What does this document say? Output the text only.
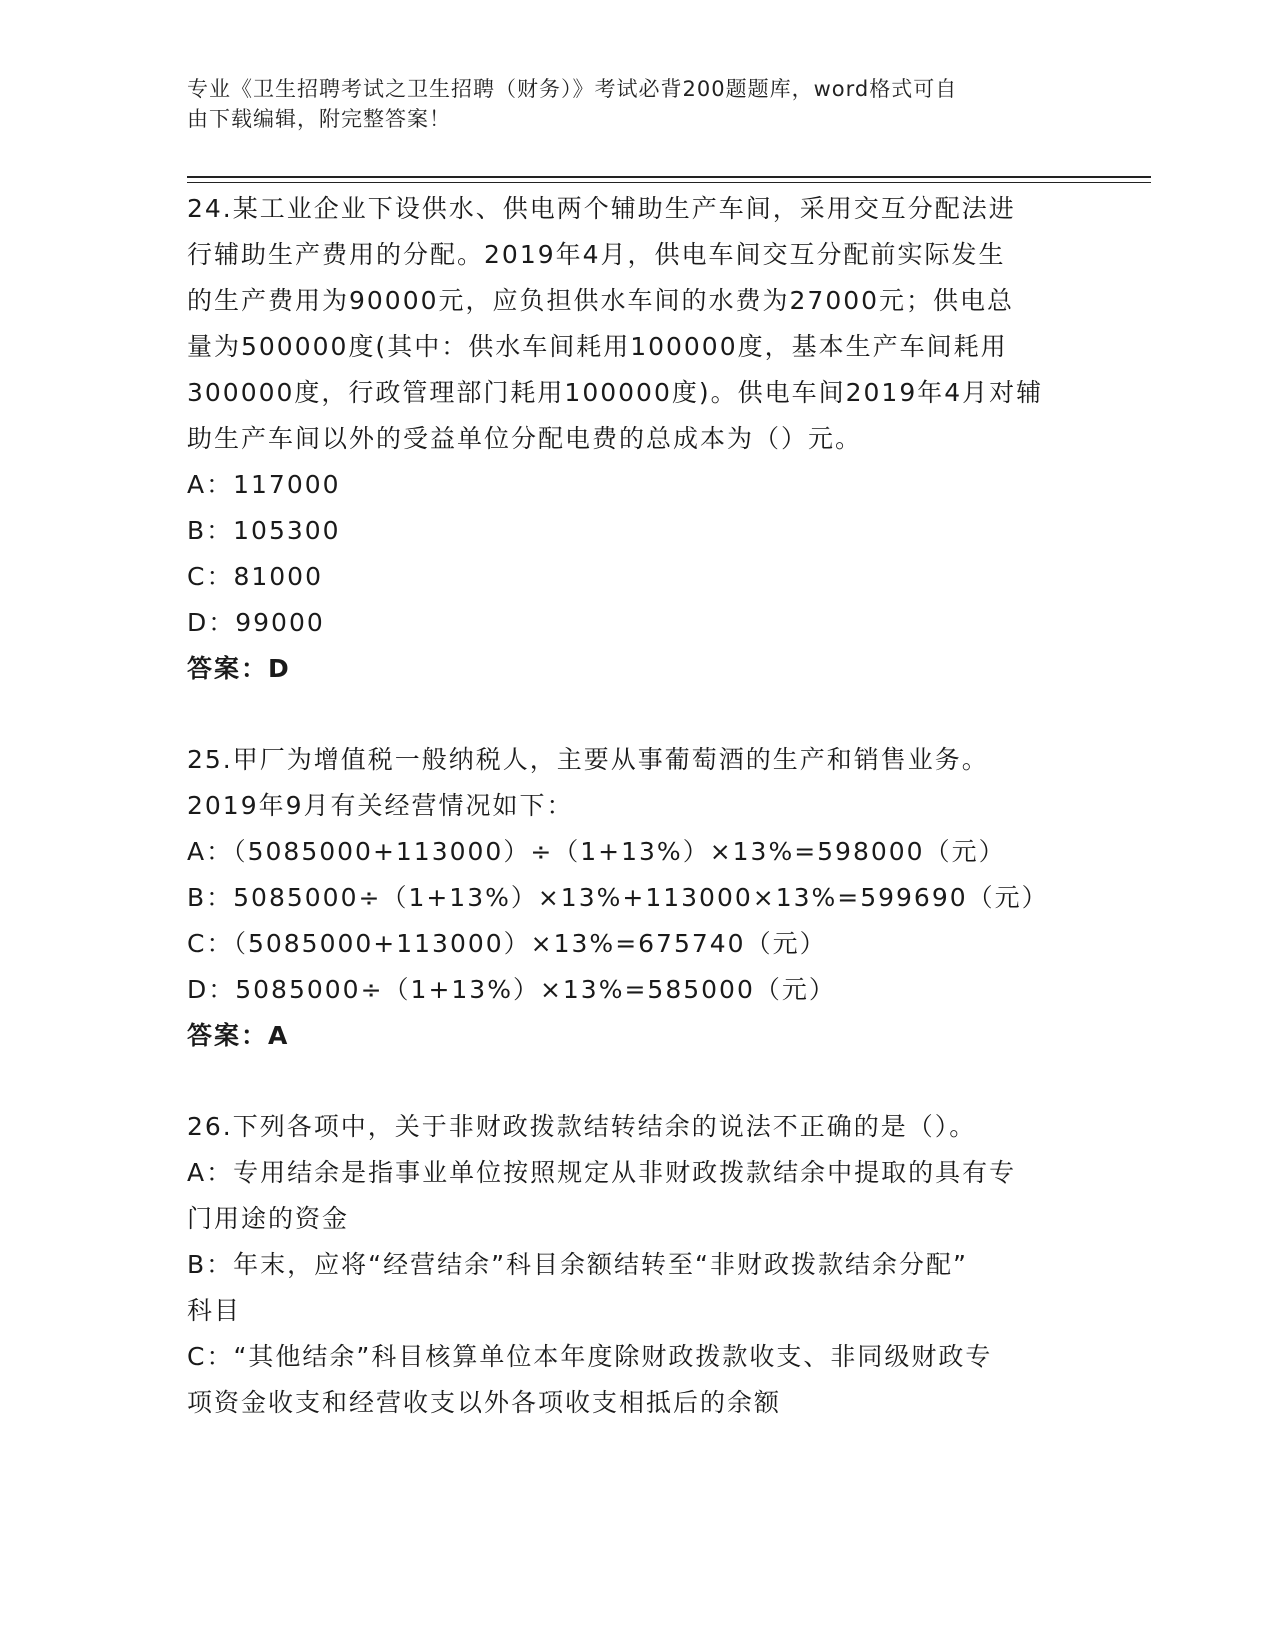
专业《卫生招聘考试之卫生招聘（财务）》考试必背200题题库，word格式可自
由下载编辑，附完整答案！

24.某工业企业下设供水、供电两个辅助生产车间，采用交互分配法进

行辅助生产费用的分配。2019年4月，供电车间交互分配前实际发生

的生产费用为90000元，应负担供水车间的水费为27000元；供电总

量为500000度(其中：供水车间耗用100000度，基本生产车间耗用

300000度，行政管理部门耗用100000度)。供电车间2019年4月对辅

助生产车间以外的受益单位分配电费的总成本为（）元。

A：117000

B：105300

C：81000

D：99000

答案：D

25.甲厂为增值税一般纳税人，主要从事葡萄酒的生产和销售业务。

2019年9月有关经营情况如下：

A：（5085000+113000）÷（1+13%）×13%=598000（元）

B：5085000÷（1+13%）×13%+113000×13%=599690（元）

C：（5085000+113000）×13%=675740（元）

D：5085000÷（1+13%）×13%=585000（元）

答案：A

26.下列各项中，关于非财政拨款结转结余的说法不正确的是（）。

A：专用结余是指事业单位按照规定从非财政拨款结余中提取的具有专

门用途的资金

B：年末，应将“经营结余”科目余额结转至“非财政拨款结余分配”

科目

C：“其他结余”科目核算单位本年度除财政拨款收支、非同级财政专

项资金收支和经营收支以外各项收支相抵后的余额
